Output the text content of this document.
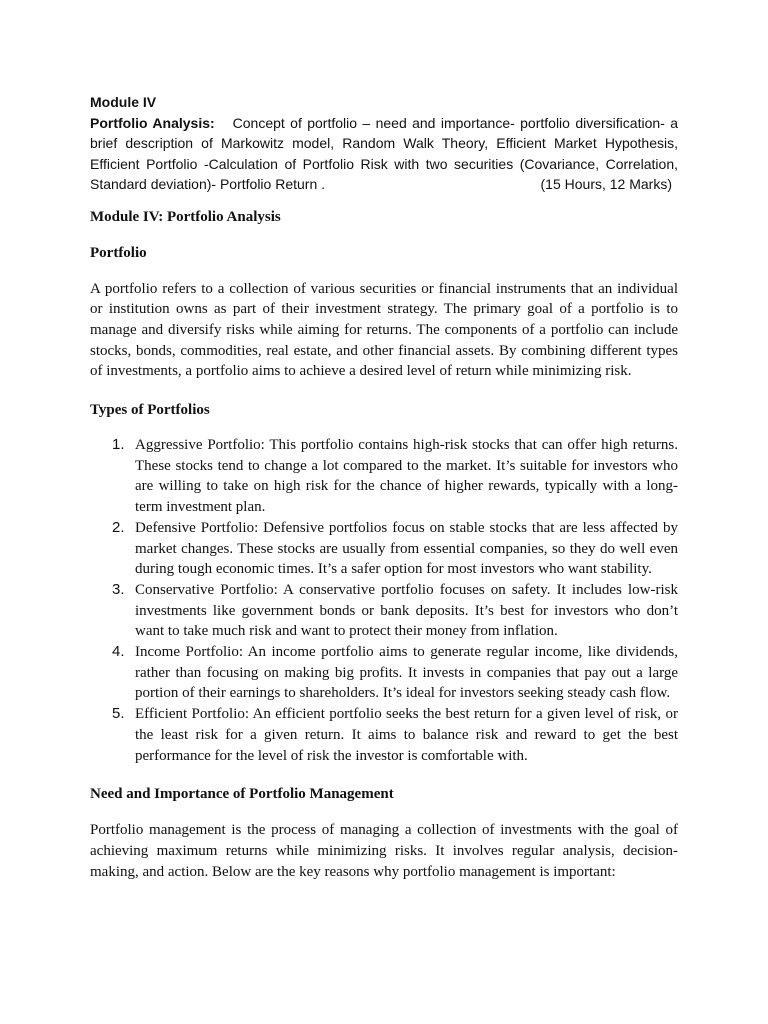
Module IV
Portfolio Analysis: Concept of portfolio – need and importance- portfolio diversification- a brief description of Markowitz model, Random Walk Theory, Efficient Market Hypothesis, Efficient Portfolio -Calculation of Portfolio Risk with two securities (Covariance, Correlation, Standard deviation)- Portfolio Return .	(15 Hours, 12 Marks)
Module IV: Portfolio Analysis
Portfolio

A portfolio refers to a collection of various securities or financial instruments that an individual or institution owns as part of their investment strategy. The primary goal of a portfolio is to manage and diversify risks while aiming for returns. The components of a portfolio can include stocks, bonds, commodities, real estate, and other financial assets. By combining different types of investments, a portfolio aims to achieve a desired level of return while minimizing risk.

Types of Portfolios
1. Aggressive Portfolio: This portfolio contains high-risk stocks that can offer high returns. These stocks tend to change a lot compared to the market. It’s suitable for investors who are willing to take on high risk for the chance of higher rewards, typically with a long-term investment plan.
2. Defensive Portfolio: Defensive portfolios focus on stable stocks that are less affected by market changes. These stocks are usually from essential companies, so they do well even during tough economic times. It’s a safer option for most investors who want stability.
3. Conservative Portfolio: A conservative portfolio focuses on safety. It includes low-risk investments like government bonds or bank deposits. It’s best for investors who don’t want to take much risk and want to protect their money from inflation.
4. Income Portfolio: An income portfolio aims to generate regular income, like dividends, rather than focusing on making big profits. It invests in companies that pay out a large portion of their earnings to shareholders. It’s ideal for investors seeking steady cash flow.
5. Efficient Portfolio: An efficient portfolio seeks the best return for a given level of risk, or the least risk for a given return. It aims to balance risk and reward to get the best performance for the level of risk the investor is comfortable with.
Need and Importance of Portfolio Management

Portfolio management is the process of managing a collection of investments with the goal of achieving maximum returns while minimizing risks. It involves regular analysis, decision-making, and action. Below are the key reasons why portfolio management is important:
